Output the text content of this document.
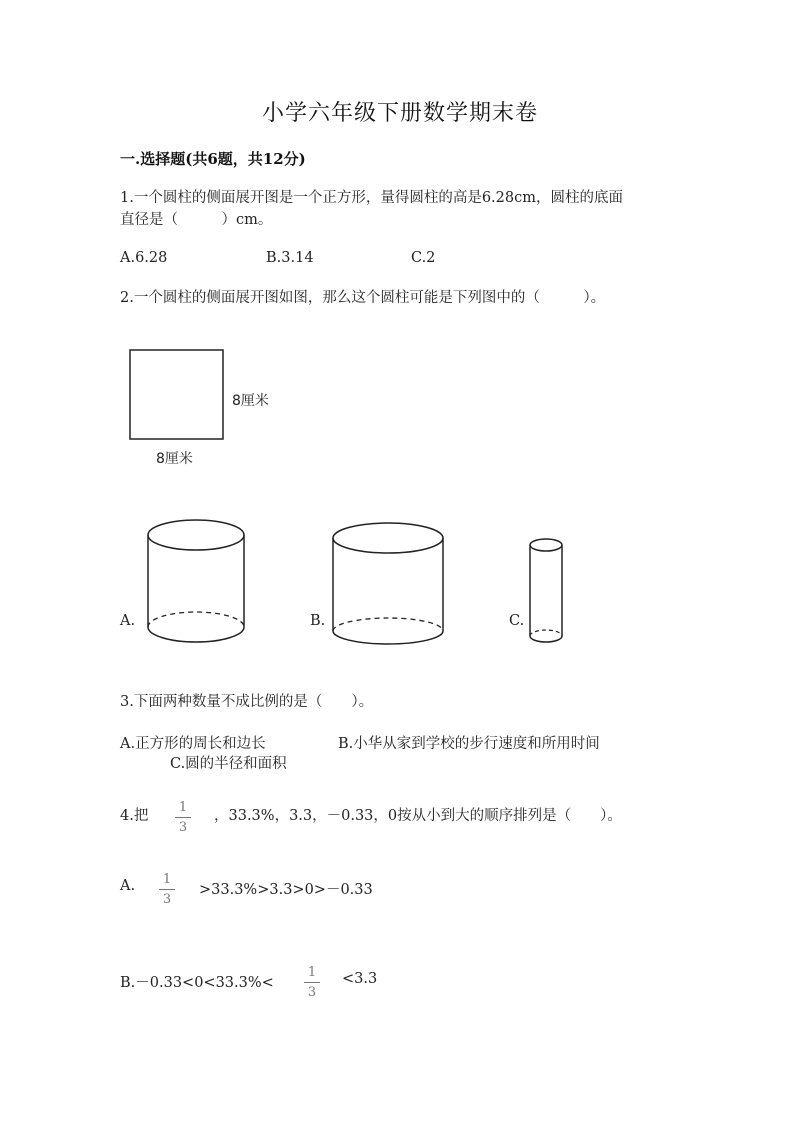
小学六年级下册数学期末卷
一.选择题(共6题，共12分)
1.一个圆柱的侧面展开图是一个正方形，量得圆柱的高是6.28cm，圆柱的底面
直径是（　　　）cm。
A.6.28	B.3.14	C.2
2.一个圆柱的侧面展开图如图，那么这个圆柱可能是下列图中的（　　　）。
8厘米
8厘米
A.	B.	C.
3.下面两种数量不成比例的是（　　）。
A.正方形的周长和边长	B.小华从家到学校的步行速度和所用时间
C.圆的半径和面积
4.把
1
3
，33.3%，3.3，－0.33，0按从小到大的顺序排列是（　　）。
A. 1
3
>33.3%>3.3>0>－0.33
B.－0.33<0<33.3%<
1
3
<3.3
